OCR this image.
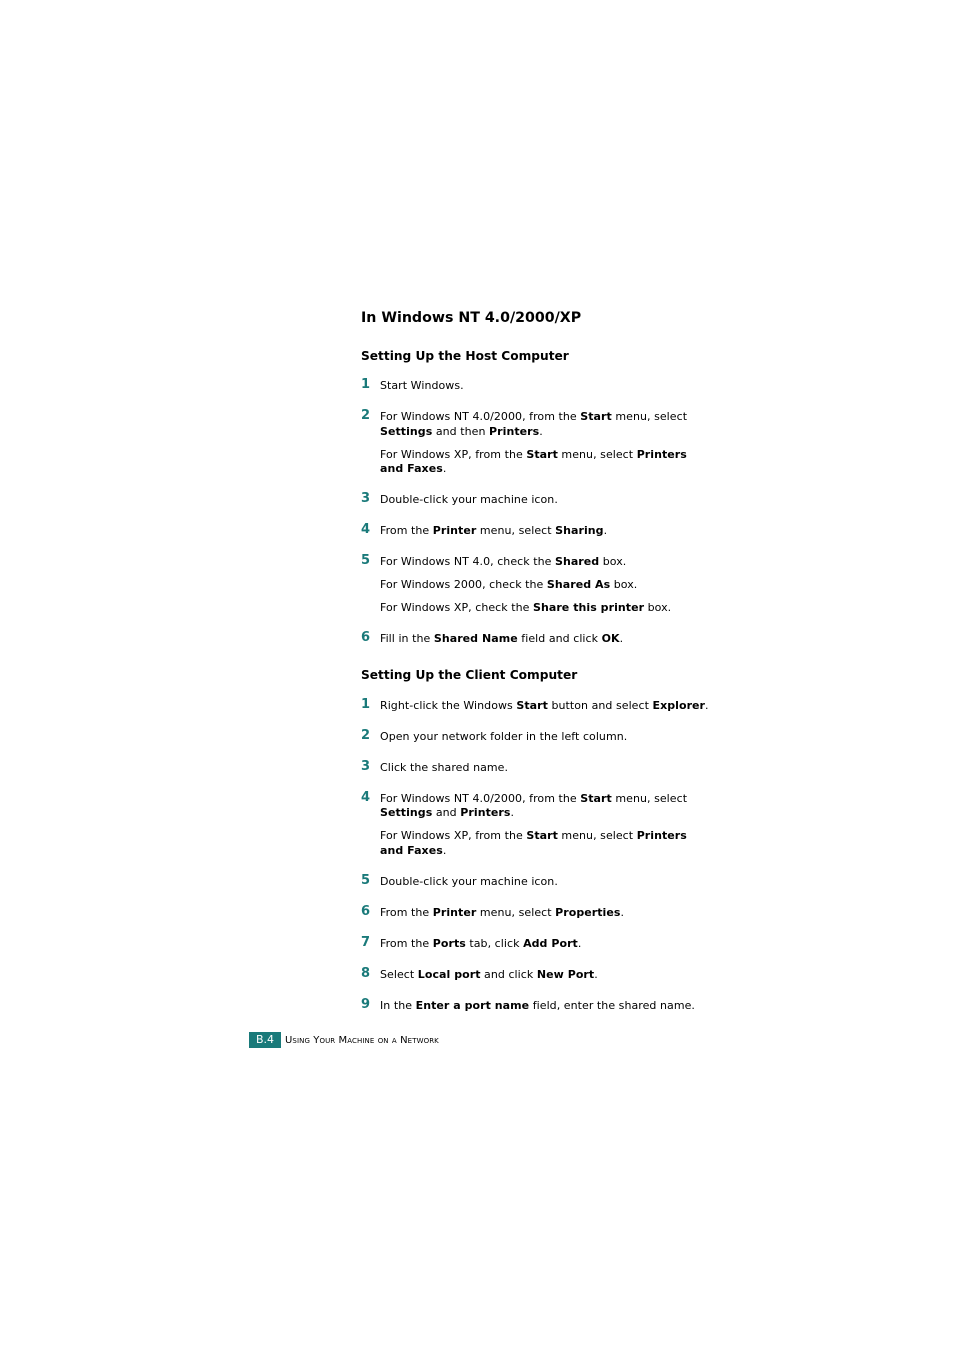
In Windows NT 4.0/2000/XP
Setting Up the Host Computer
1 Start Windows.

2 For Windows NT 4.0/2000, from the Start menu, select Settings and then Printers.

For Windows XP, from the Start menu, select Printers and Faxes.

3 Double-click your machine icon.

4 From the Printer menu, select Sharing.

5 For Windows NT 4.0, check the Shared box.

For Windows 2000, check the Shared As box.

For Windows XP, check the Share this printer box.

6 Fill in the Shared Name field and click OK.

Setting Up the Client Computer
1 Right-click the Windows Start button and select Explorer.

2 Open your network folder in the left column.

3 Click the shared name.

4 For Windows NT 4.0/2000, from the Start menu, select Settings and Printers.

For Windows XP, from the Start menu, select Printers and Faxes.

5 Double-click your machine icon.

6 From the Printer menu, select Properties.

7 From the Ports tab, click Add Port.

8 Select Local port and click New Port.

9 In the Enter a port name field, enter the shared name.

B.4	Using Your Machine on a Network
